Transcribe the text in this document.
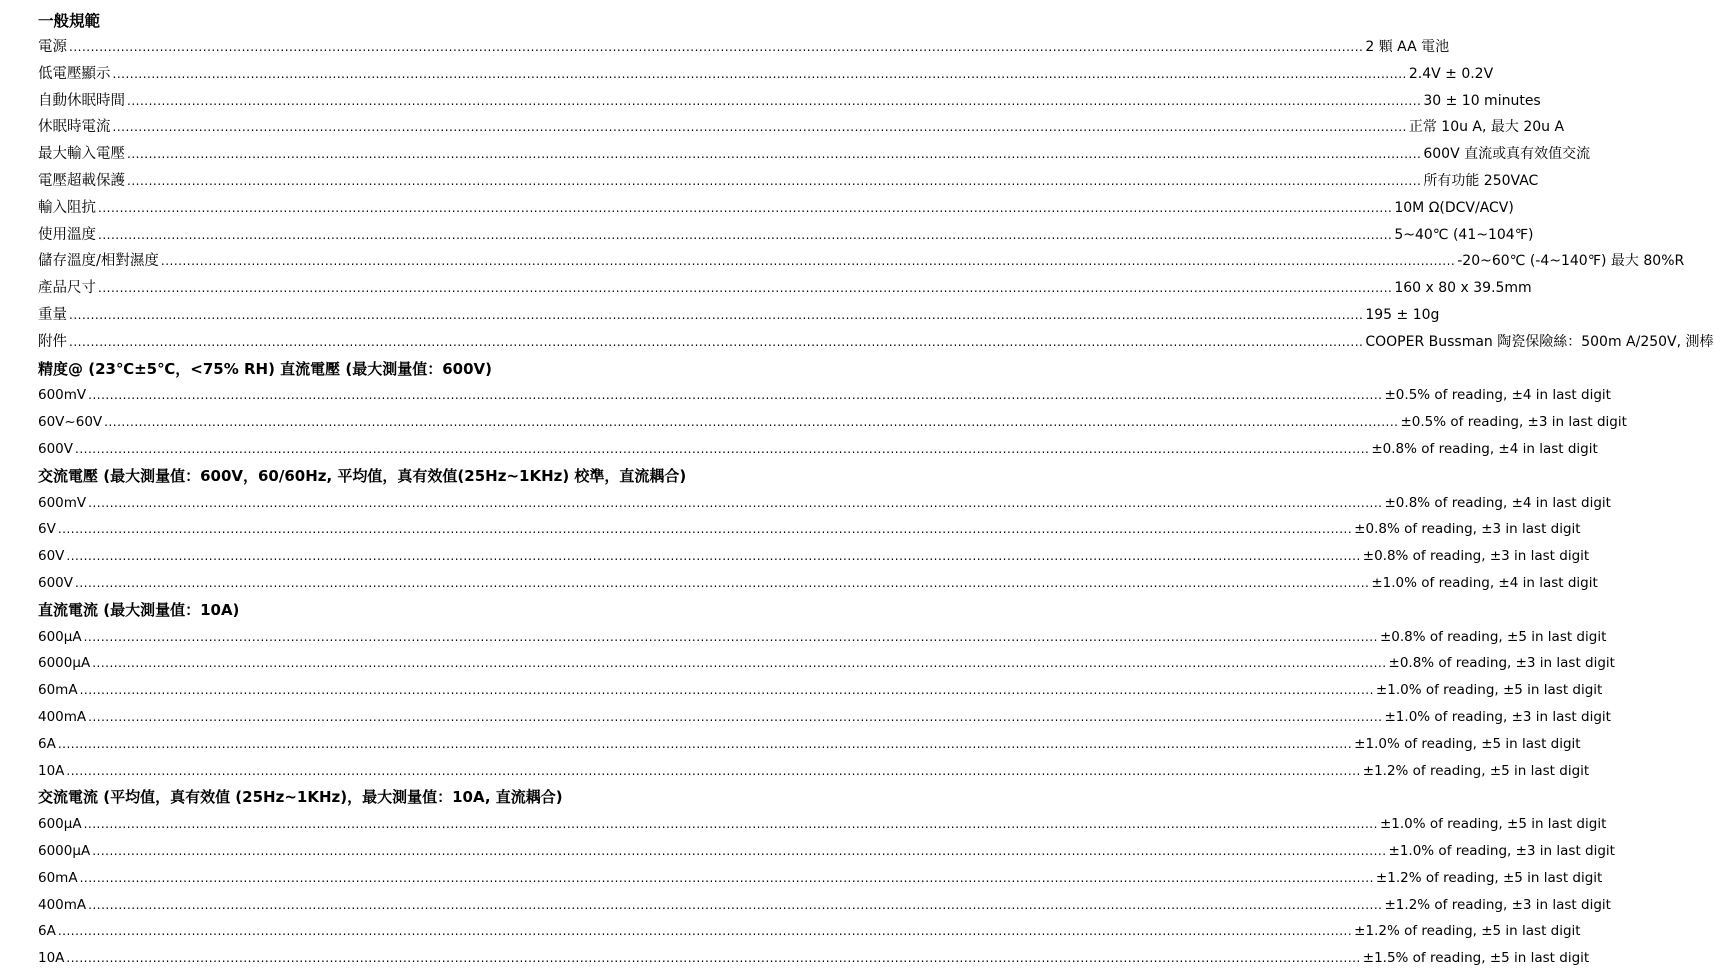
一般規範
電源 ............................................................................................................................................................................................................................................................................................................ 2 顆 AA 電池
低電壓顯示 ............................................................................................................................................................................................................................................................................................................ 2.4V ± 0.2V
自動休眠時間 ............................................................................................................................................................................................................................................................................................................ 30 ± 10 minutes
休眠時電流 ............................................................................................................................................................................................................................................................................................................ 正常 10u A, 最大 20u A
最大輸入電壓 ............................................................................................................................................................................................................................................................................................................ 600V 直流或真有效值交流
電壓超載保護 ............................................................................................................................................................................................................................................................................................................ 所有功能 250VAC
輸入阻抗 ............................................................................................................................................................................................................................................................................................................ 10M Ω(DCV/ACV)
使用溫度 ............................................................................................................................................................................................................................................................................................................ 5~40℃ (41~104℉)
儲存溫度/相對濕度 ............................................................................................................................................................................................................................................................................................................ -20~60℃ (-4~140℉) 最大 80%R
產品尺寸 ............................................................................................................................................................................................................................................................................................................ 160 x 80 x 39.5mm
重量 ............................................................................................................................................................................................................................................................................................................ 195 ± 10g
附件 ............................................................................................................................................................................................................................................................................................................ COOPER Bussman 陶瓷保險絲：500m A/250V, 測棒
精度@ (23℃±5℃，<75% RH) 直流電壓 (最大測量值：600V)
600mV ............................................................................................................................................................................................................................................................................................................ ±0.5% of reading, ±4 in last digit
60V~60V ............................................................................................................................................................................................................................................................................................................ ±0.5% of reading, ±3 in last digit
600V ............................................................................................................................................................................................................................................................................................................ ±0.8% of reading, ±4 in last digit
交流電壓 (最大測量值：600V，60/60Hz, 平均值，真有效值(25Hz~1KHz) 校準，直流耦合)
600mV ............................................................................................................................................................................................................................................................................................................ ±0.8% of reading, ±4 in last digit
6V ............................................................................................................................................................................................................................................................................................................ ±0.8% of reading, ±3 in last digit
60V ............................................................................................................................................................................................................................................................................................................ ±0.8% of reading, ±3 in last digit
600V ............................................................................................................................................................................................................................................................................................................ ±1.0% of reading, ±4 in last digit
直流電流 (最大測量值：10A)
600µA ............................................................................................................................................................................................................................................................................................................ ±0.8% of reading, ±5 in last digit
6000µA ............................................................................................................................................................................................................................................................................................................ ±0.8% of reading, ±3 in last digit
60mA ............................................................................................................................................................................................................................................................................................................ ±1.0% of reading, ±5 in last digit
400mA ............................................................................................................................................................................................................................................................................................................ ±1.0% of reading, ±3 in last digit
6A ............................................................................................................................................................................................................................................................................................................ ±1.0% of reading, ±5 in last digit
10A ............................................................................................................................................................................................................................................................................................................ ±1.2% of reading, ±5 in last digit
交流電流 (平均值，真有效值 (25Hz~1KHz)，最大測量值：10A, 直流耦合)
600µA ............................................................................................................................................................................................................................................................................................................ ±1.0% of reading, ±5 in last digit
6000µA ............................................................................................................................................................................................................................................................................................................ ±1.0% of reading, ±3 in last digit
60mA ............................................................................................................................................................................................................................................................................................................ ±1.2% of reading, ±5 in last digit
400mA ............................................................................................................................................................................................................................................................................................................ ±1.2% of reading, ±3 in last digit
6A ............................................................................................................................................................................................................................................................................................................ ±1.2% of reading, ±5 in last digit
10A ............................................................................................................................................................................................................................................................................................................ ±1.5% of reading, ±5 in last digit
